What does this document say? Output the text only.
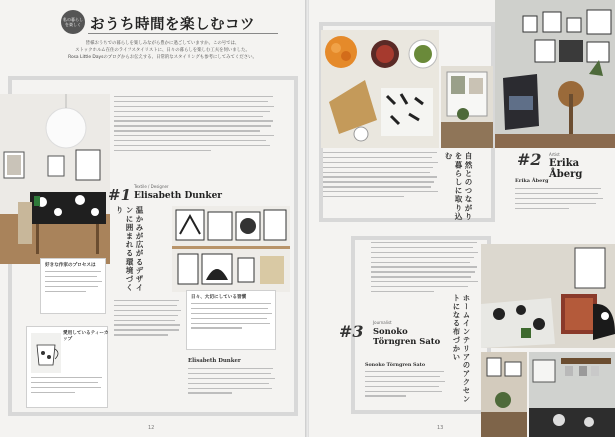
私の暮らしを楽しく おうち時間を楽しむコツ
皆様おうちでの暮らしを楽しみながら豊かに過ごしていますか。この号では、
ストックホルム在住のライフスタイリストに、日々の暮らしを楽しむ工夫を伺いました。
Rosa Little Daysのブログからお伝えする、日常的なスタイリングも参考にしてみてください。
#1 Textile / Designer
Elisabeth Dunker
温かみが広がるデザインに囲まれる環境づくり
好きな作家のプロセスは
日々、大切にしている習慣
愛用しているティーカップ
Elisabeth Dunker
12
自然とのつながりを暮らしに取り込む	#2 Artist
Erika Åberg
Erika Åberg
#3 Journalist
Sonoko Törngren Sato	ホームインテリアのアクセントになる布づかい
Sonoko Törngren Sato
13
